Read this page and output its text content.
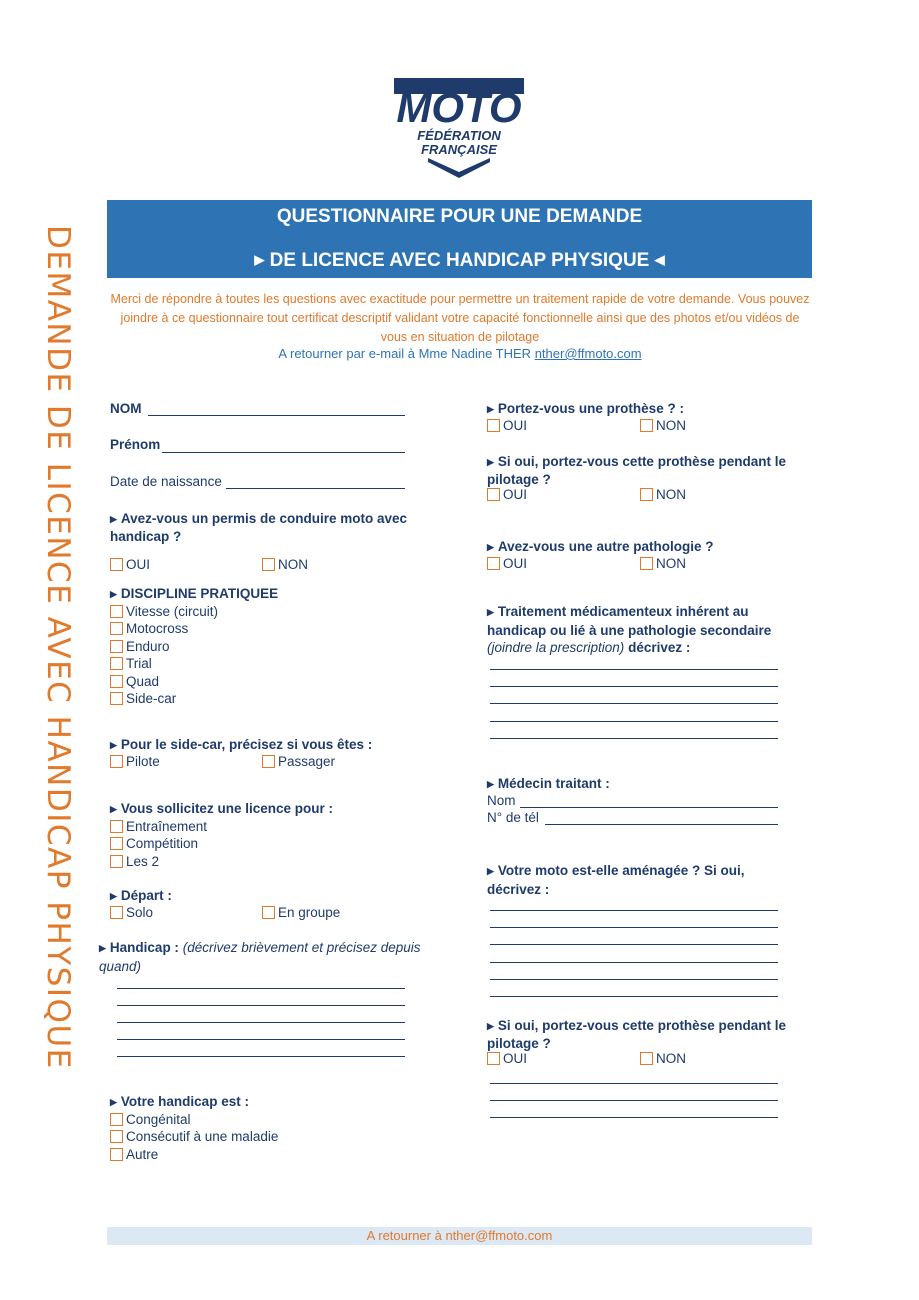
DEMANDE DE LICENCE AVEC HANDICAP PHYSIQUE
MOTO
FÉDÉRATION
FRANÇAISE
QUESTIONNAIRE POUR UNE DEMANDE
▶ DE LICENCE AVEC HANDICAP PHYSIQUE ◀
Merci de répondre à toutes les questions avec exactitude pour permettre un traitement rapide de votre demande. Vous pouvez joindre à ce questionnaire tout certificat descriptif validant votre capacité fonctionnelle ainsi que des photos et/ou vidéos de vous en situation de pilotage
A retourner par e-mail à Mme Nadine THER nther@ffmoto.com
NOM
Prénom
Date de naissance
▶ Avez-vous un permis de conduire moto avec handicap ?
OUI	NON
▶ DISCIPLINE PRATIQUEE
Vitesse (circuit)
Motocross
Enduro
Trial
Quad
Side-car
▶ Pour le side-car, précisez si vous êtes :
Pilote	Passager
▶ Vous sollicitez une licence pour :
Entraînement
Compétition
Les 2
▶ Départ :
Solo	En groupe
▶ Handicap : (décrivez brièvement et précisez depuis quand)
▶ Votre handicap est :
Congénital
Consécutif à une maladie
Autre
▶ Portez-vous une prothèse ? :
OUI	NON
▶ Si oui, portez-vous cette prothèse pendant le pilotage ?
OUI	NON
▶ Avez-vous une autre pathologie ?
OUI	NON
▶ Traitement médicamenteux inhérent au handicap ou lié à une pathologie secondaire (joindre la prescription) décrivez :
▶ Médecin traitant :
Nom
N° de tél
▶ Votre moto est-elle aménagée ? Si oui, décrivez :
▶ Si oui, portez-vous cette prothèse pendant le pilotage ?
OUI	NON
A retourner à nther@ffmoto.com
